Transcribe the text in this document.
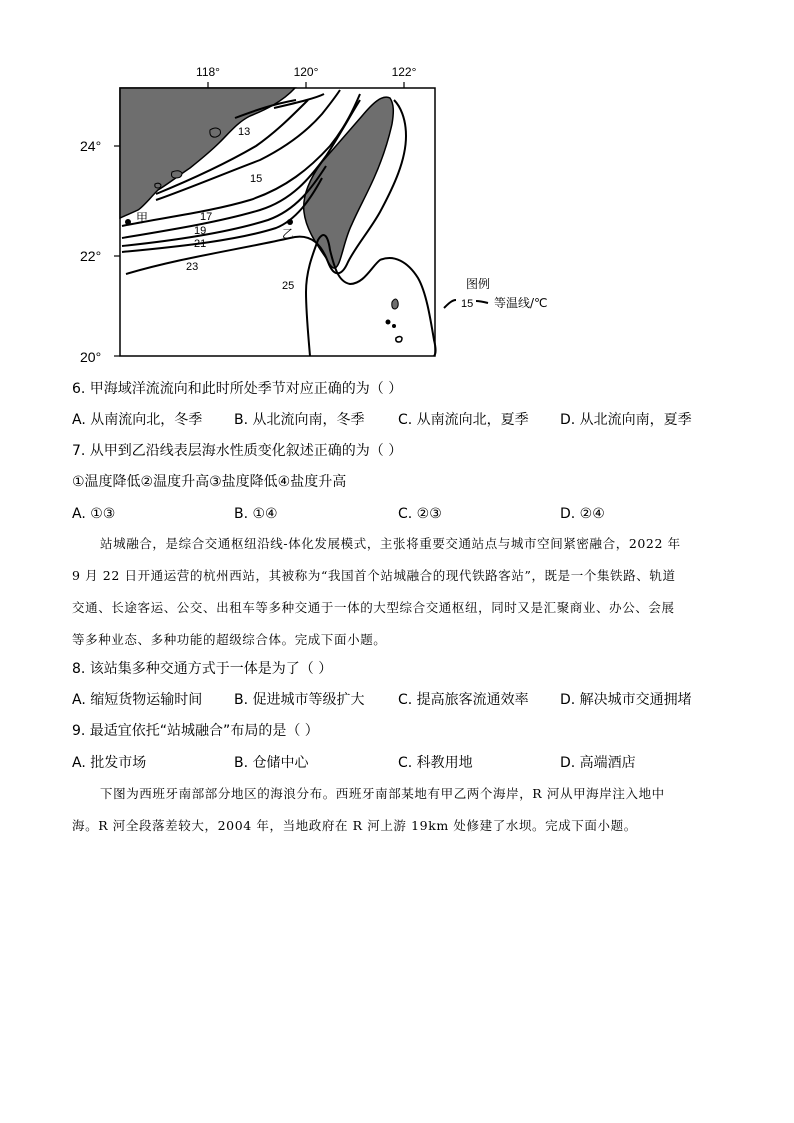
118°	120°	122°
24°
22°
20°
13
15
17
19
21
23
25
甲
乙
图例
15 等温线/℃
6. 甲海域洋流流向和此时所处季节对应正确的为（ ）
A. 从南流向北，冬季 B. 从北流向南，冬季 C. 从南流向北，夏季 D. 从北流向南，夏季
7. 从甲到乙沿线表层海水性质变化叙述正确的为（ ）
①温度降低②温度升高③盐度降低④盐度升高
A. ①③	B. ①④	C. ②③	D. ②④

站城融合，是综合交通枢纽沿线-体化发展模式，主张将重要交通站点与城市空间紧密融合，2022 年

9 月 22 日开通运营的杭州西站，其被称为“我国首个站城融合的现代铁路客站”，既是一个集铁路、轨道

交通、长途客运、公交、出租车等多种交通于一体的大型综合交通枢纽，同时又是汇聚商业、办公、会展

等多种业态、多种功能的超级综合体。完成下面小题。

8. 该站集多种交通方式于一体是为了（ ）
A. 缩短货物运输时间 B. 促进城市等级扩大 C. 提高旅客流通效率 D. 解决城市交通拥堵
9. 最适宜依托“站城融合”布局的是（ ）
A. 批发市场	B. 仓储中心	C. 科教用地	D. 高端酒店

下图为西班牙南部部分地区的海浪分布。西班牙南部某地有甲乙两个海岸，R 河从甲海岸注入地中

海。R 河全段落差较大，2004 年，当地政府在 R 河上游 19km 处修建了水坝。完成下面小题。
